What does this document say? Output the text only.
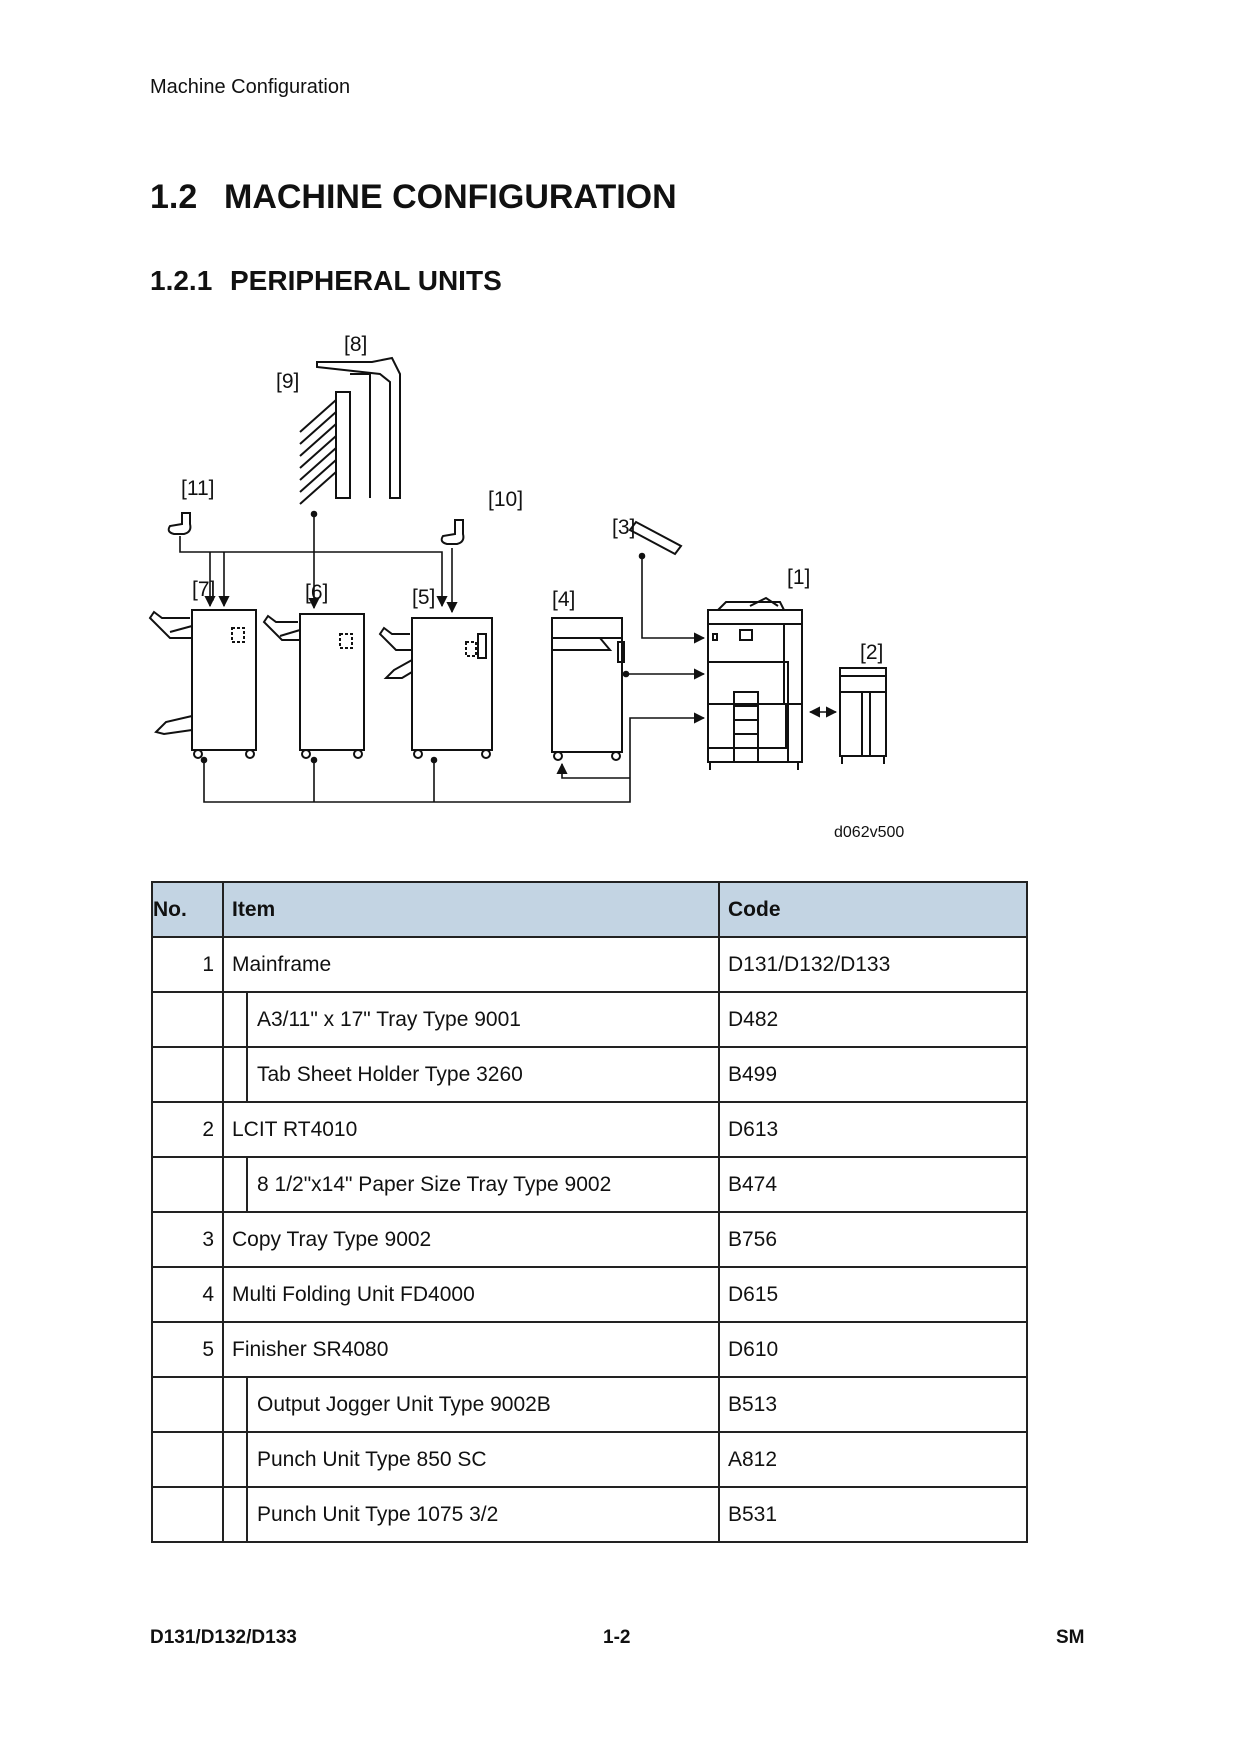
Machine Configuration
1.2 MACHINE CONFIGURATION
1.2.1 PERIPHERAL UNITS
[1]
[2]
[3]
[4]
[5]
[6]
[7]
[8]
[9]
[10]
[11]
d062v500
No.	Item	Code
1	Mainframe	D131/D132/D133

A3/11" x 17" Tray Type 9001	D482

Tab Sheet Holder Type 3260	B499
2	LCIT RT4010	D613

8 1/2"x14" Paper Size Tray Type 9002	B474
3	Copy Tray Type 9002	B756
4	Multi Folding Unit FD4000	D615
5	Finisher SR4080	D610

Output Jogger Unit Type 9002B	B513

Punch Unit Type 850 SC	A812

Punch Unit Type 1075 3/2	B531
D131/D132/D133	1-2	SM
